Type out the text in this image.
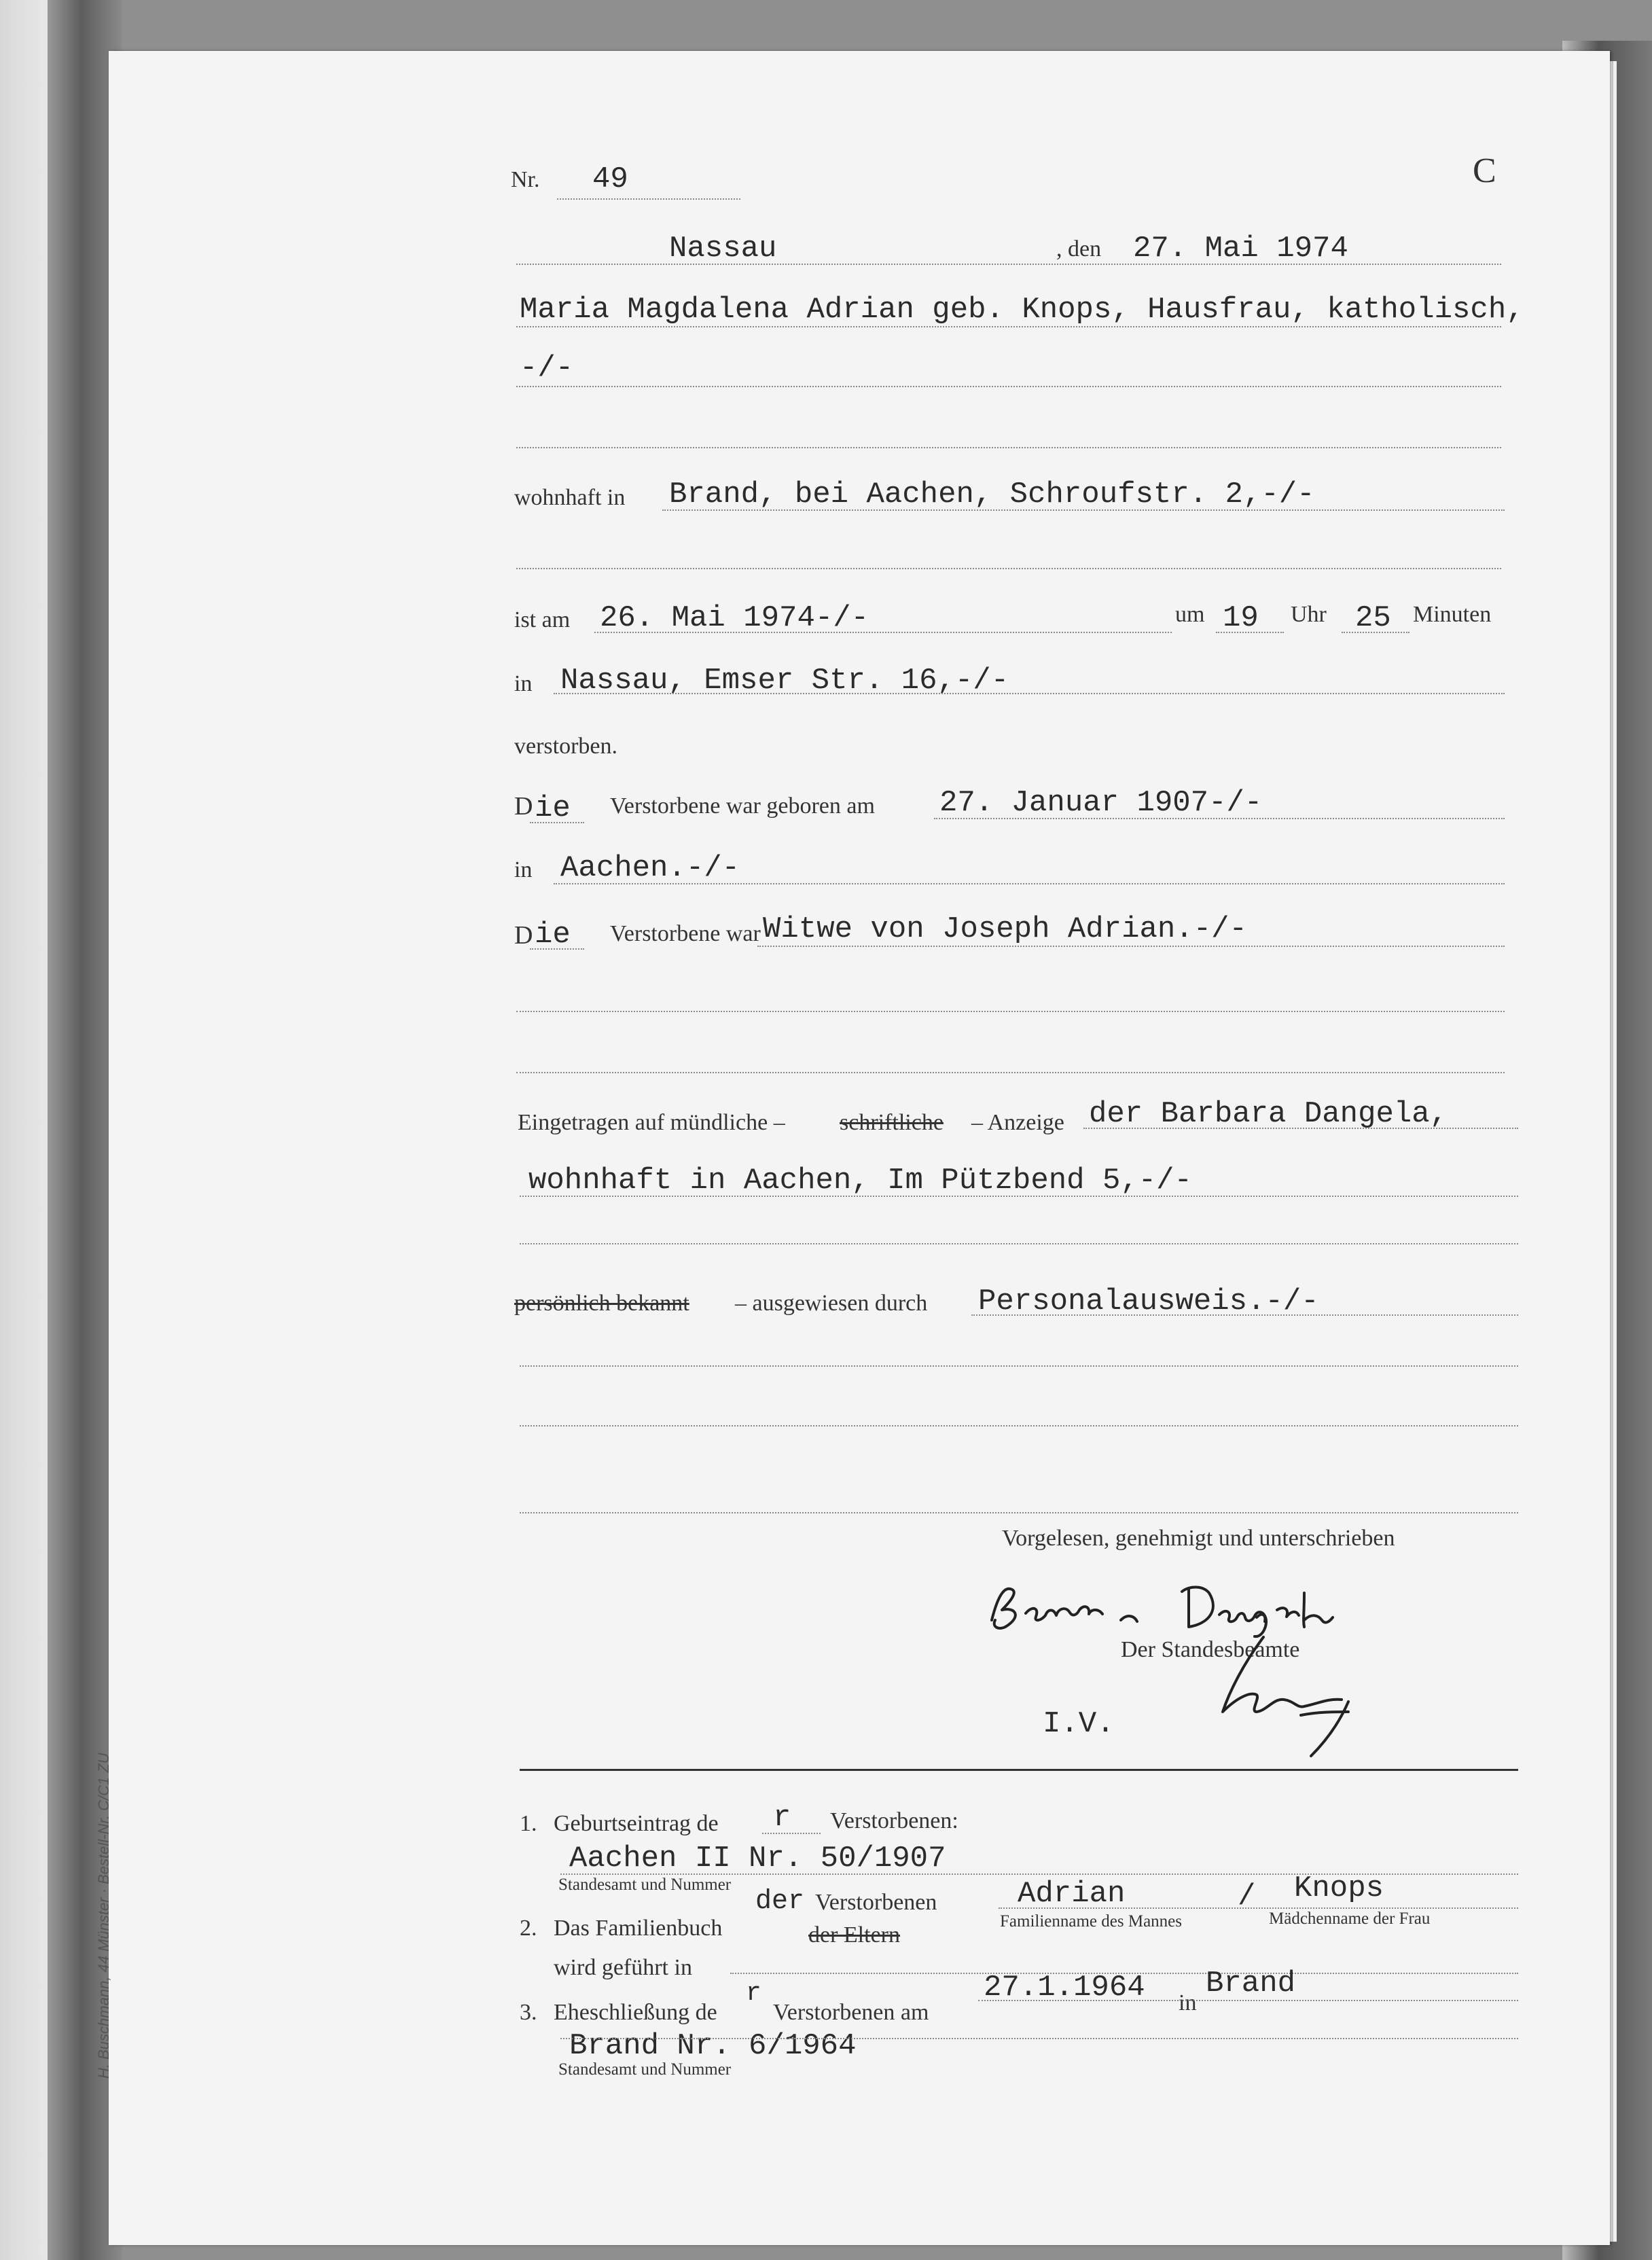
Nr. 49	C
Nassau	, den 27. Mai 1974
Maria Magdalena Adrian geb. Knops, Hausfrau, katholisch,
-/-
wohnhaft in Brand, bei Aachen, Schroufstr. 2,-/-
ist am 26. Mai 1974-/-	um 19 Uhr 25 Minuten
in Nassau, Emser Str. 16,-/-
verstorben.
D ie Verstorbene war geboren am 27. Januar 1907-/-
in Aachen.-/-
D ie Verstorbene war Witwe von Joseph Adrian.-/-
Eingetragen auf mündliche – schriftliche – Anzeige der Barbara Dangela,
wohnhaft in Aachen, Im Pützbend 5,-/-
persönlich bekannt – ausgewiesen durch Personalausweis.-/-
Vorgelesen, genehmigt und unterschrieben
Der Standesbeamte
I.V.
1. Geburtseintrag de r Verstorbenen:
Aachen II Nr. 50/1907
Standesamt und Nummer
2. Das Familienbuch
der Verstorbenen
der Eltern
Adrian	/ Knops
Familienname des Mannes	Mädchenname der Frau
wird geführt in
3. Eheschließung de
r
Verstorbenen am
27.1.1964 in
Brand
Brand Nr. 6/1964
Standesamt und Nummer
H. Buschmann, 44 Münster · Bestell-Nr. C/C1 ZU
